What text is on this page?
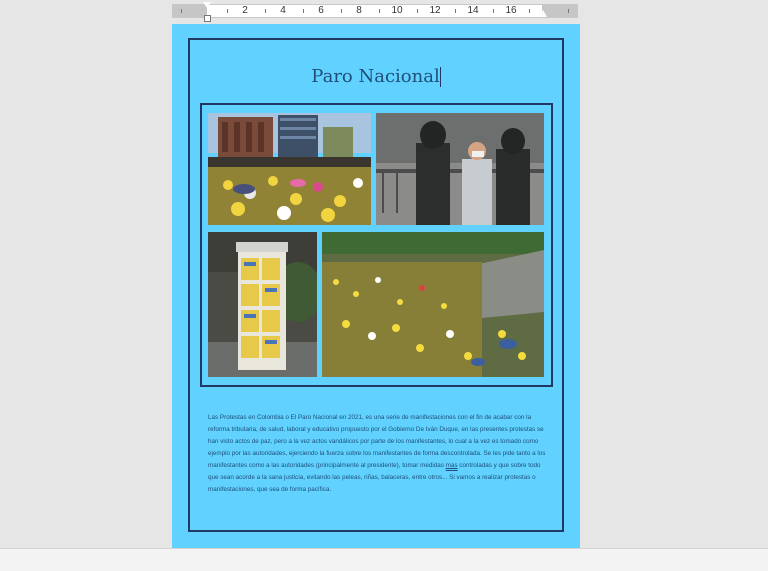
2	4	6	8	10	12	14	16
Paro Nacional
Las Protestas en Colombia o El Paro Nacional en 2021, es una serie de manifestaciones con el fin de acabar con la reforma tributaria, de salud, laboral y educativo propuesto por el Gobierno De Iván Duque, en las presentes protestas se han visto actos de paz, pero a la vez actos vandálicos por parte de los manifestantes, lo cual a la vez es tomado como ejemplo por las autoridades, ejerciendo la fuerza sobre los manifestantes de forma descontrolada. Se les pide tanto a los manifestantes como a las autoridades (principalmente al presidente), tomar medidas mas controladas y que sobre todo que sean acorde a la sana justicia, evitando las peleas, riñas, balaceras, entre otros... Si vamos a realizar protestas o manifestaciones, que sea de forma pacífica.
